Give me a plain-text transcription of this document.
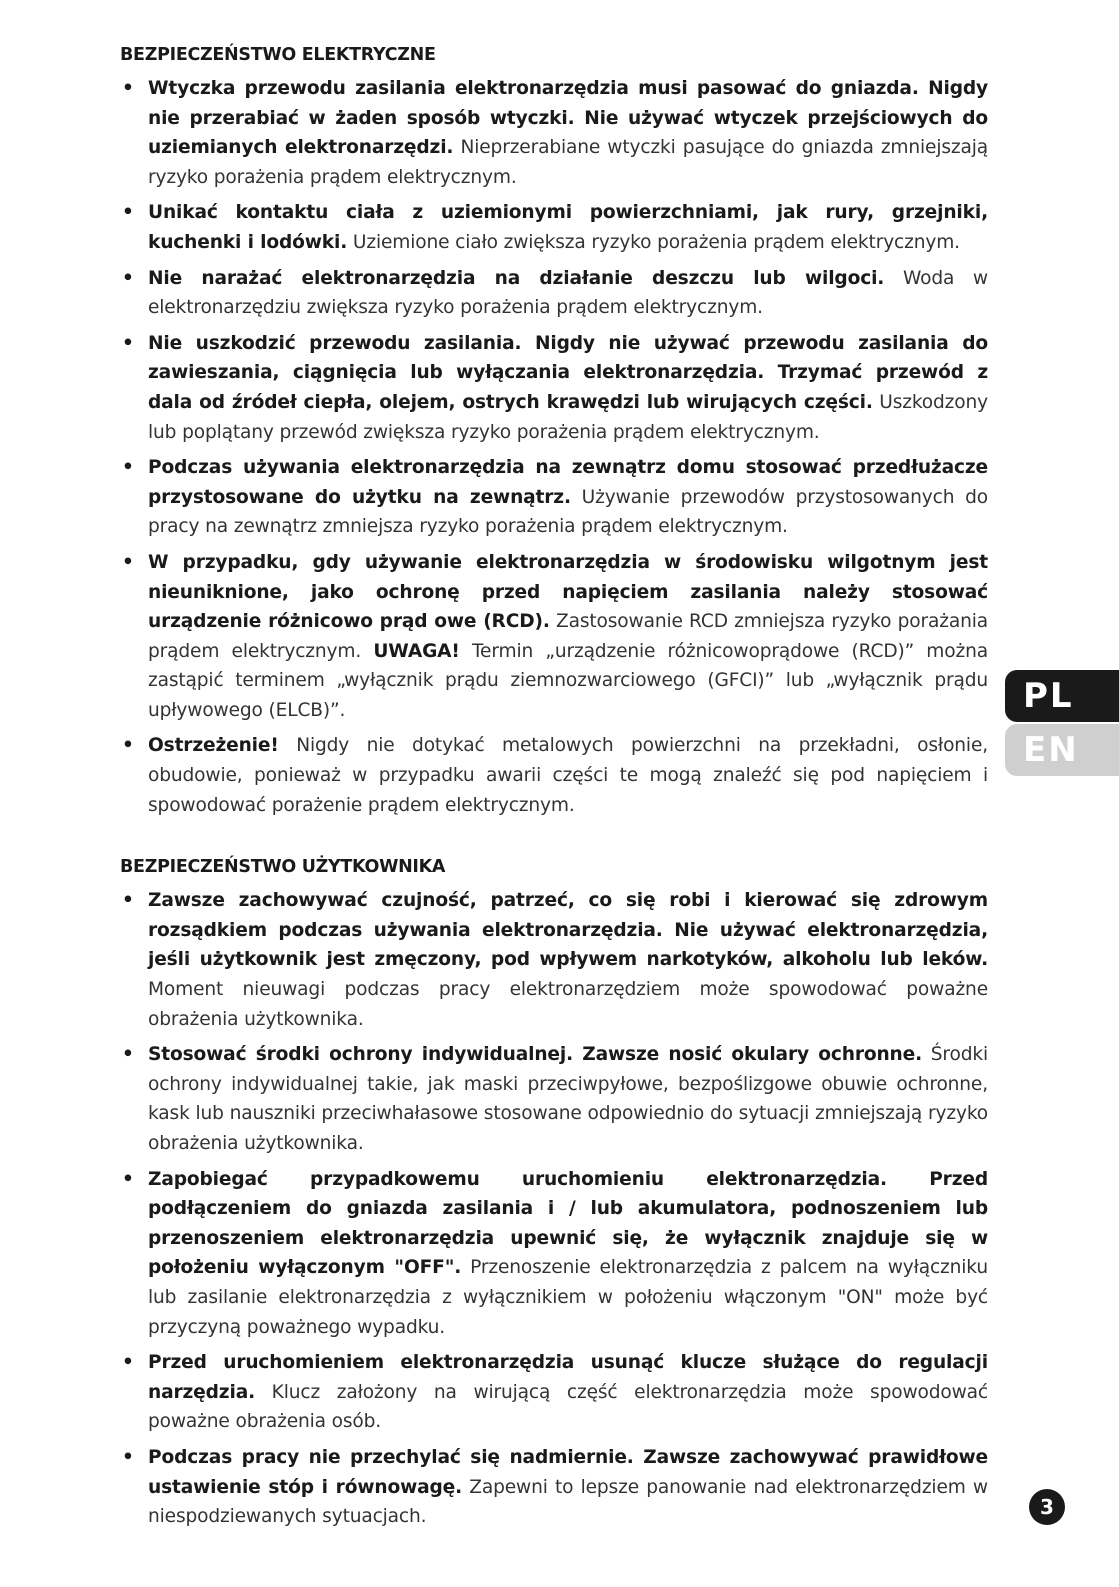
BEZPIECZEŃSTWO ELEKTRYCZNE
• Wtyczka przewodu zasilania elektronarzędzia musi pasować do gniazda. Nigdy nie przerabiać w żaden sposób wtyczki. Nie używać wtyczek przejściowych do uziemianych elektronarzędzi. Nieprzerabiane wtyczki pasujące do gniazda zmniejszają ryzyko porażenia prądem elektrycznym.
• Unikać kontaktu ciała z uziemionymi powierzchniami, jak rury, grzejniki, kuchenki i lodówki. Uziemione ciało zwiększa ryzyko porażenia prądem elektrycznym.
• Nie narażać elektronarzędzia na działanie deszczu lub wilgoci. Woda w elektronarzędziu zwiększa ryzyko porażenia prądem elektrycznym.
• Nie uszkodzić przewodu zasilania. Nigdy nie używać przewodu zasilania do zawieszania, ciągnięcia lub wyłączania elektronarzędzia. Trzymać przewód z dala od źródeł ciepła, olejem, ostrych krawędzi lub wirujących części. Uszkodzony lub poplątany przewód zwiększa ryzyko porażenia prądem elektrycznym.
• Podczas używania elektronarzędzia na zewnątrz domu stosować przedłużacze przystosowane do użytku na zewnątrz. Używanie przewodów przystosowanych do pracy na zewnątrz zmniejsza ryzyko porażenia prądem elektrycznym.
• W przypadku, gdy używanie elektronarzędzia w środowisku wilgotnym jest nieuniknione, jako ochronę przed napięciem zasilania należy stosować urządzenie różnicowo prąd owe (RCD). Zastosowanie RCD zmniejsza ryzyko porażania prądem elektrycznym. UWAGA! Termin „urządzenie różnicowoprądowe (RCD)” można zastąpić terminem „wyłącznik prądu ziemnozwarciowego (GFCI)” lub „wyłącznik prądu upływowego (ELCB)”.
• Ostrzeżenie! Nigdy nie dotykać metalowych powierzchni na przekładni, osłonie, obudowie, ponieważ w przypadku awarii części te mogą znaleźć się pod napięciem i spowodować porażenie prądem elektrycznym.
BEZPIECZEŃSTWO UŻYTKOWNIKA
• Zawsze zachowywać czujność, patrzeć, co się robi i kierować się zdrowym rozsądkiem podczas używania elektronarzędzia. Nie używać elektronarzędzia, jeśli użytkownik jest zmęczony, pod wpływem narkotyków, alkoholu lub leków. Moment nieuwagi podczas pracy elektronarzędziem może spowodować poważne obrażenia użytkownika.
• Stosować środki ochrony indywidualnej. Zawsze nosić okulary ochronne. Środki ochrony indywidualnej takie, jak maski przeciwpyłowe, bezpoślizgowe obuwie ochronne, kask lub nauszniki przeciwhałasowe stosowane odpowiednio do sytuacji zmniejszają ryzyko obrażenia użytkownika.
• Zapobiegać przypadkowemu uruchomieniu elektronarzędzia. Przed podłączeniem do gniazda zasilania i / lub akumulatora, podnoszeniem lub przenoszeniem elektronarzędzia upewnić się, że wyłącznik znajduje się w położeniu wyłączonym "OFF". Przenoszenie elektronarzędzia z palcem na wyłączniku lub zasilanie elektronarzędzia z wyłącznikiem w położeniu włączonym "ON" może być przyczyną poważnego wypadku.
• Przed uruchomieniem elektronarzędzia usunąć klucze służące do regulacji narzędzia. Klucz założony na wirującą część elektronarzędzia może spowodować poważne obrażenia osób.
• Podczas pracy nie przechylać się nadmiernie. Zawsze zachowywać prawidłowe ustawienie stóp i równowagę. Zapewni to lepsze panowanie nad elektronarzędziem w niespodziewanych sytuacjach.
PL
EN
3
